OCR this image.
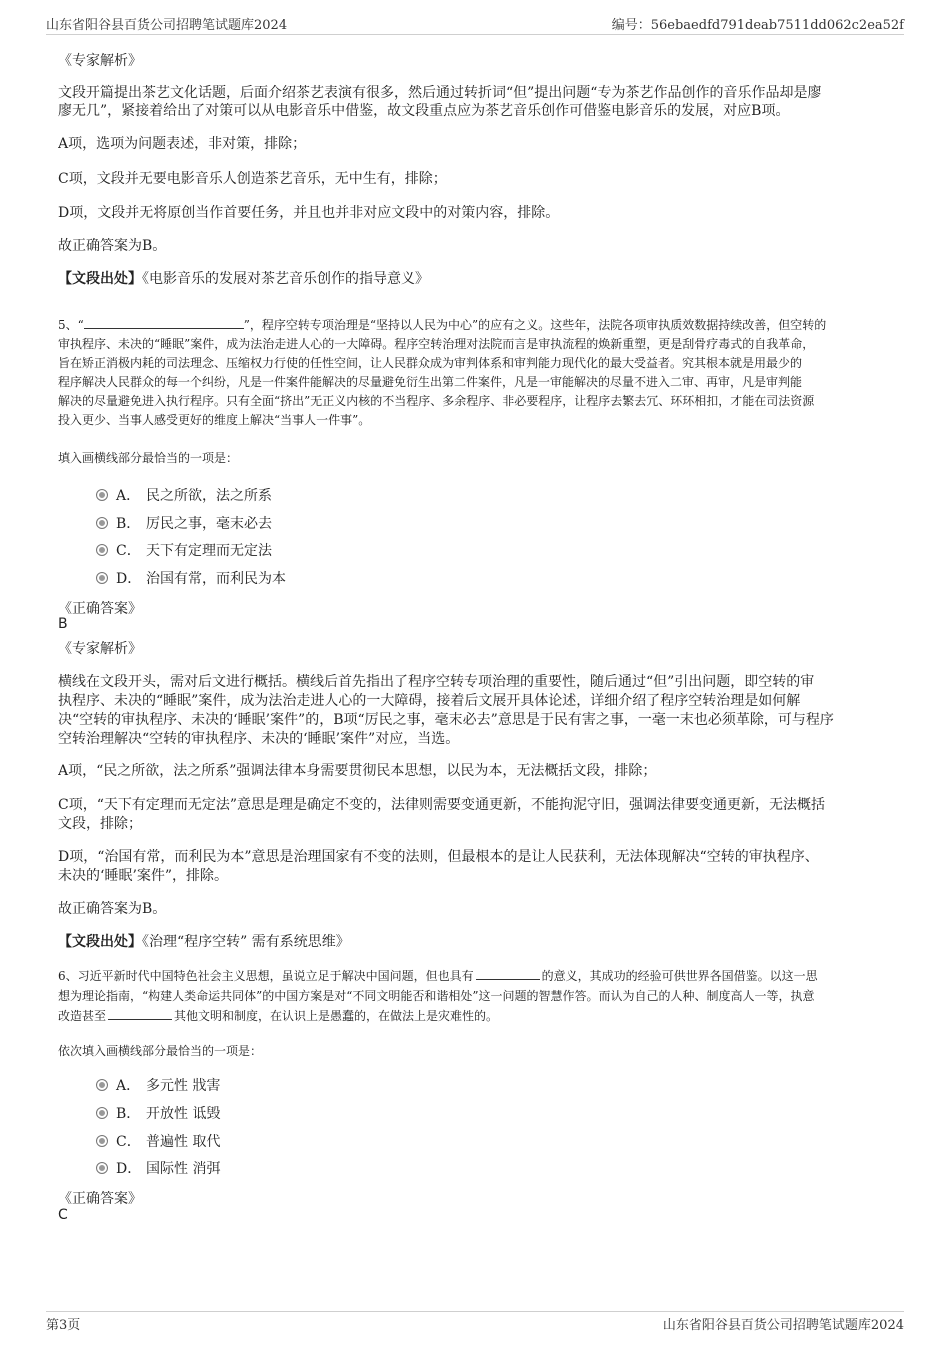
山东省阳谷县百货公司招聘笔试题库2024	编号：56ebaedfd791deab7511dd062c2ea52f
《专家解析》
文段开篇提出茶艺文化话题，后面介绍茶艺表演有很多，然后通过转折词“但”提出问题“专为茶艺作品创作的音乐作品却是廖
廖无几”，紧接着给出了对策可以从电影音乐中借鉴，故文段重点应为茶艺音乐创作可借鉴电影音乐的发展，对应B项。
A项，选项为问题表述，非对策，排除；
C项，文段并无要电影音乐人创造茶艺音乐，无中生有，排除；
D项，文段并无将原创当作首要任务，并且也并非对应文段中的对策内容，排除。
故正确答案为B。
【文段出处】《电影音乐的发展对茶艺音乐创作的指导意义》
5、“	”，程序空转专项治理是“坚持以人民为中心”的应有之义。这些年，法院各项审执质效数据持续改善，但空转的
审执程序、未决的“睡眠”案件，成为法治走进人心的一大障碍。程序空转治理对法院而言是审执流程的焕新重塑，更是刮骨疗毒式的自我革命，
旨在矫正消极内耗的司法理念、压缩权力行使的任性空间，让人民群众成为审判体系和审判能力现代化的最大受益者。究其根本就是用最少的
程序解决人民群众的每一个纠纷，凡是一件案件能解决的尽量避免衍生出第二件案件，凡是一审能解决的尽量不进入二审、再审，凡是审判能
解决的尽量避免进入执行程序。只有全面“挤出”无正义内核的不当程序、多余程序、非必要程序，让程序去繁去冗、环环相扣，才能在司法资源
投入更少、当事人感受更好的维度上解决“当事人一件事”。
填入画横线部分最恰当的一项是：
A． 民之所欲，法之所系
B． 厉民之事，毫末必去
C． 天下有定理而无定法
D． 治国有常，而利民为本
《正确答案》
B
《专家解析》
横线在文段开头，需对后文进行概括。横线后首先指出了程序空转专项治理的重要性，随后通过“但”引出问题，即空转的审
执程序、未决的“睡眠”案件，成为法治走进人心的一大障碍，接着后文展开具体论述，详细介绍了程序空转治理是如何解
决“空转的审执程序、未决的‘睡眠’案件”的，B项“厉民之事，毫末必去”意思是于民有害之事，一毫一末也必须革除，可与程序
空转治理解决“空转的审执程序、未决的‘睡眠’案件”对应，当选。
A项，“民之所欲，法之所系”强调法律本身需要贯彻民本思想，以民为本，无法概括文段，排除；
C项，“天下有定理而无定法”意思是理是确定不变的，法律则需要变通更新，不能拘泥守旧，强调法律要变通更新，无法概括
文段，排除；
D项，“治国有常，而利民为本”意思是治理国家有不变的法则，但最根本的是让人民获利，无法体现解决“空转的审执程序、
未决的‘睡眠’案件”，排除。
故正确答案为B。
【文段出处】《治理“程序空转” 需有系统思维》
6、习近平新时代中国特色社会主义思想，虽说立足于解决中国问题，但也具有	的意义，其成功的经验可供世界各国借鉴。以这一思
想为理论指南，“构建人类命运共同体”的中国方案是对“不同文明能否和谐相处”这一问题的智慧作答。而认为自己的人种、制度高人一等，执意
改造甚至	其他文明和制度，在认识上是愚蠢的，在做法上是灾难性的。
依次填入画横线部分最恰当的一项是：
A． 多元性 戕害
B． 开放性 诋毁
C． 普遍性 取代
D． 国际性 消弭
《正确答案》
C
第3页	山东省阳谷县百货公司招聘笔试题库2024
